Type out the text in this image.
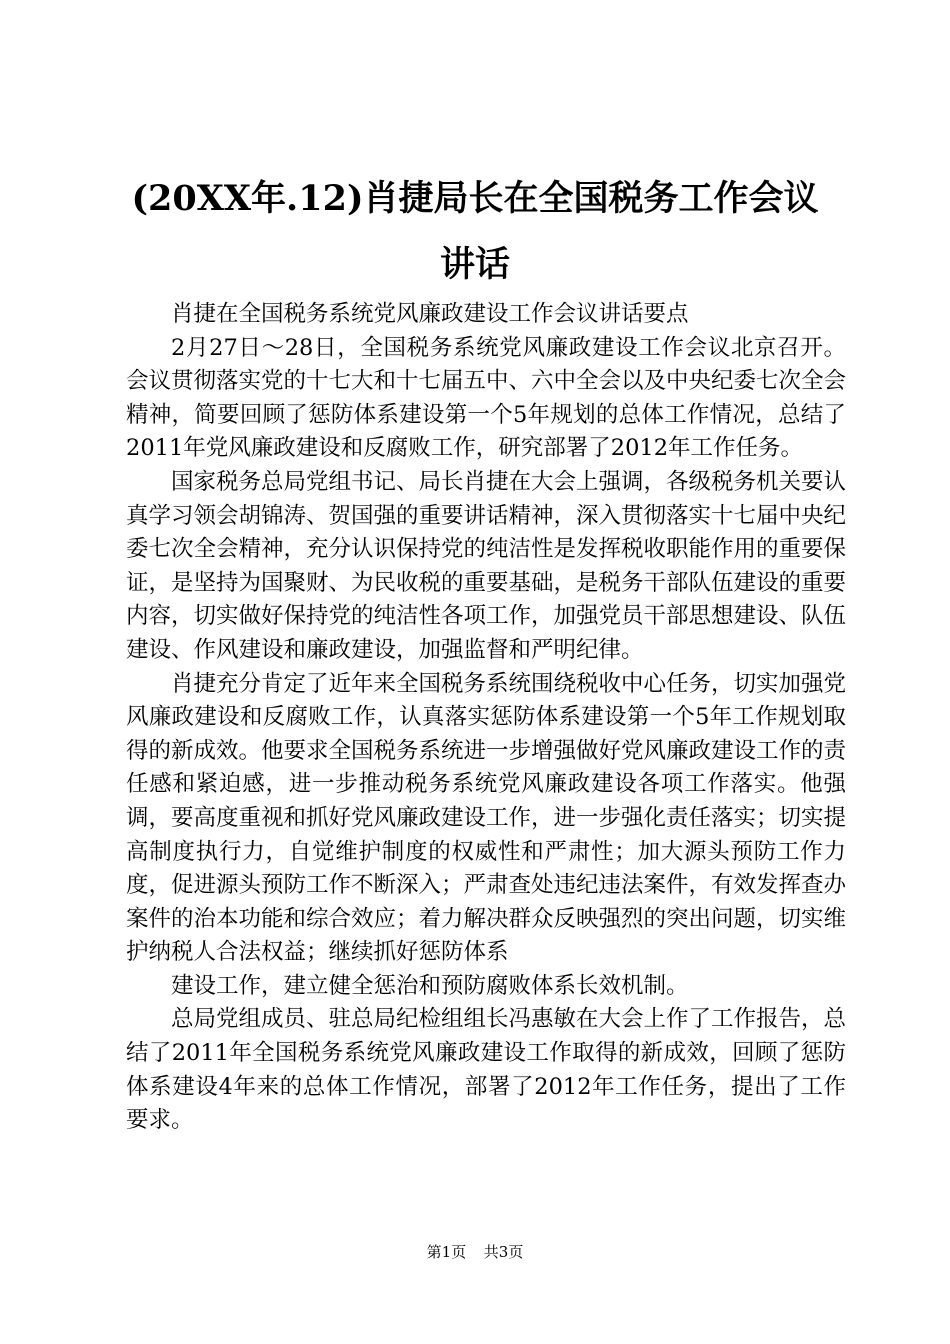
(20XX年.12)肖捷局长在全国税务工作会议讲话

肖捷在全国税务系统党风廉政建设工作会议讲话要点

2月27日～28日，全国税务系统党风廉政建设工作会议北京召开。会议贯彻落实党的十七大和十七届五中、六中全会以及中央纪委七次全会精神，简要回顾了惩防体系建设第一个5年规划的总体工作情况，总结了2011年党风廉政建设和反腐败工作，研究部署了2012年工作任务。

国家税务总局党组书记、局长肖捷在大会上强调，各级税务机关要认真学习领会胡锦涛、贺国强的重要讲话精神，深入贯彻落实十七届中央纪委七次全会精神，充分认识保持党的纯洁性是发挥税收职能作用的重要保证，是坚持为国聚财、为民收税的重要基础，是税务干部队伍建设的重要内容，切实做好保持党的纯洁性各项工作，加强党员干部思想建设、队伍建设、作风建设和廉政建设，加强监督和严明纪律。

肖捷充分肯定了近年来全国税务系统围绕税收中心任务，切实加强党风廉政建设和反腐败工作，认真落实惩防体系建设第一个5年工作规划取得的新成效。他要求全国税务系统进一步增强做好党风廉政建设工作的责任感和紧迫感，进一步推动税务系统党风廉政建设各项工作落实。他强调，要高度重视和抓好党风廉政建设工作，进一步强化责任落实；切实提高制度执行力，自觉维护制度的权威性和严肃性；加大源头预防工作力度，促进源头预防工作不断深入；严肃查处违纪违法案件，有效发挥查办案件的治本功能和综合效应；着力解决群众反映强烈的突出问题，切实维护纳税人合法权益；继续抓好惩防体系

建设工作，建立健全惩治和预防腐败体系长效机制。

总局党组成员、驻总局纪检组组长冯惠敏在大会上作了工作报告，总结了2011年全国税务系统党风廉政建设工作取得的新成效，回顾了惩防体系建设4年来的总体工作情况，部署了2012年工作任务，提出了工作要求。

第1页 共3页
